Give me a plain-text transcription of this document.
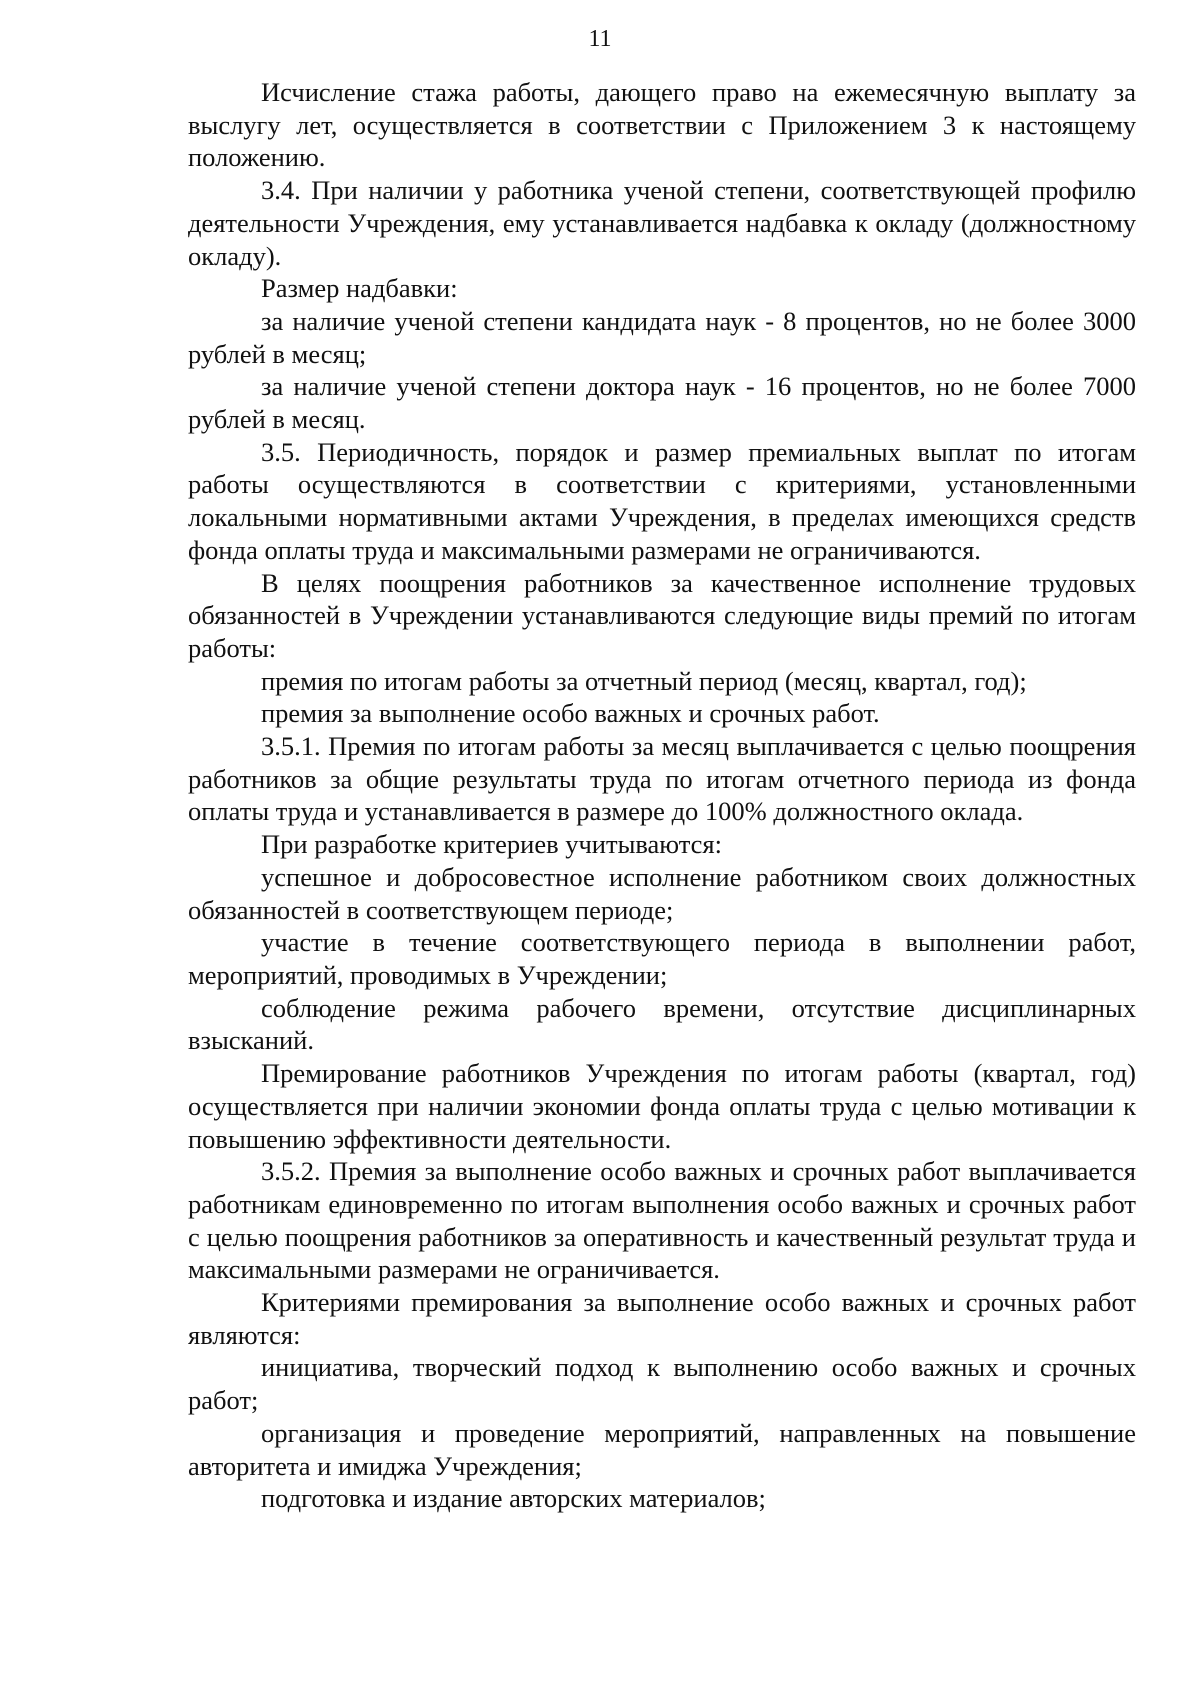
11

Исчисление стажа работы, дающего право на ежемесячную выплату за выслугу лет, осуществляется в соответствии с Приложением 3 к настоящему положению.

3.4. При наличии у работника ученой степени, соответствующей профилю деятельности Учреждения, ему устанавливается надбавка к окладу (должностному окладу).

Размер надбавки:

за наличие ученой степени кандидата наук - 8 процентов, но не более 3000 рублей в месяц;

за наличие ученой степени доктора наук - 16 процентов, но не более 7000 рублей в месяц.

3.5. Периодичность, порядок и размер премиальных выплат по итогам работы осуществляются в соответствии с критериями, установленными локальными нормативными актами Учреждения, в пределах имеющихся средств фонда оплаты труда и максимальными размерами не ограничиваются.

В целях поощрения работников за качественное исполнение трудовых обязанностей в Учреждении устанавливаются следующие виды премий по итогам работы:

премия по итогам работы за отчетный период (месяц, квартал, год);

премия за выполнение особо важных и срочных работ.

3.5.1. Премия по итогам работы за месяц выплачивается с целью поощрения работников за общие результаты труда по итогам отчетного периода из фонда оплаты труда и устанавливается в размере до 100% должностного оклада.

При разработке критериев учитываются:

успешное и добросовестное исполнение работником своих должностных обязанностей в соответствующем периоде;

участие в течение соответствующего периода в выполнении работ, мероприятий, проводимых в Учреждении;

соблюдение режима рабочего времени, отсутствие дисциплинарных взысканий.

Премирование работников Учреждения по итогам работы (квартал, год) осуществляется при наличии экономии фонда оплаты труда с целью мотивации к повышению эффективности деятельности.

3.5.2. Премия за выполнение особо важных и срочных работ выплачивается работникам единовременно по итогам выполнения особо важных и срочных работ с целью поощрения работников за оперативность и качественный результат труда и максимальными размерами не ограничивается.

Критериями премирования за выполнение особо важных и срочных работ являются:

инициатива, творческий подход к выполнению особо важных и срочных работ;

организация и проведение мероприятий, направленных на повышение авторитета и имиджа Учреждения;

подготовка и издание авторских материалов;
